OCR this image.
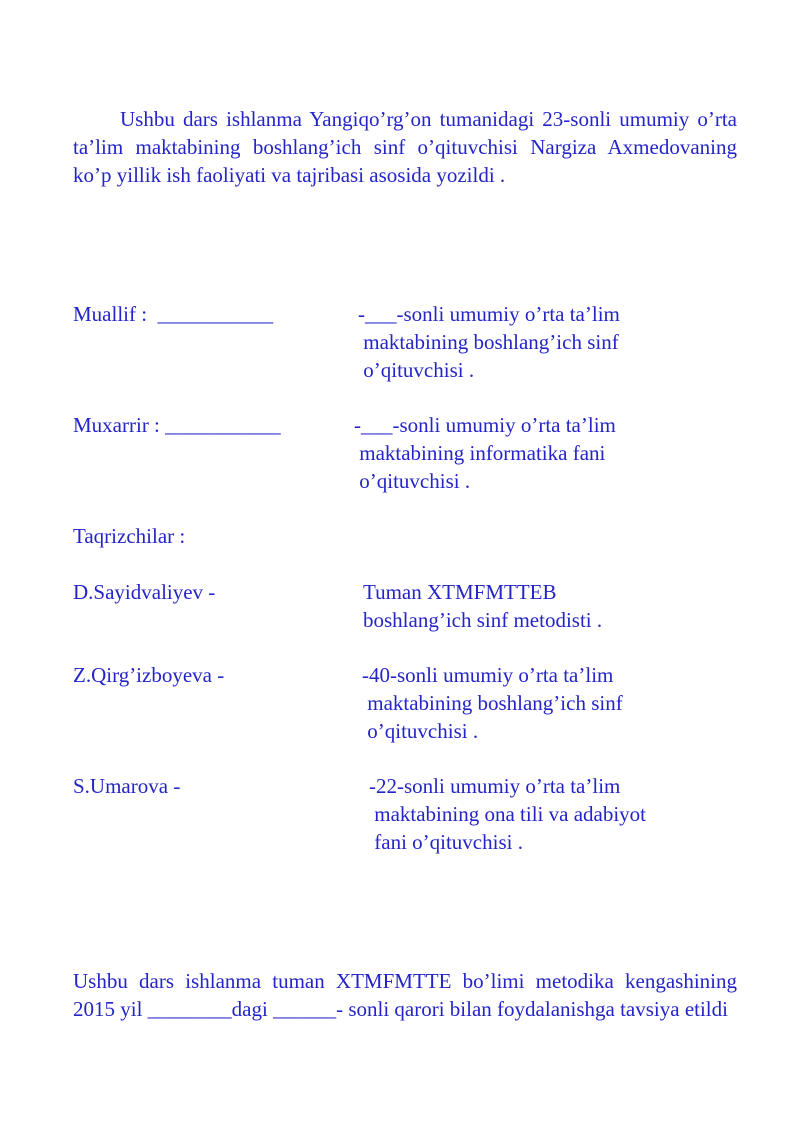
Ushbu dars ishlanma Yangiqo’rg’on tumanidagi 23-sonli umumiy o’rta ta’lim maktabining boshlang’ich sinf o’qituvchisi Nargiza Axmedovaning ko’p yillik ish faoliyati va tajribasi asosida yozildi .

Muallif :  ___________	-___-sonli umumiy o’rta ta’lim
maktabining boshlang’ich sinf
o’qituvchisi .
Muxarrir : ___________	-___-sonli umumiy o’rta ta’lim
maktabining informatika fani
o’qituvchisi .
Taqrizchilar :
D.Sayidvaliyev -	Tuman XTMFMTTEB
boshlang’ich sinf metodisti .
Z.Qirg’izboyeva -	-40-sonli umumiy o’rta ta’lim
maktabining boshlang’ich sinf
o’qituvchisi .
S.Umarova -	-22-sonli umumiy o’rta ta’lim
maktabining ona tili va adabiyot
fani o’qituvchisi .

Ushbu dars ishlanma tuman XTMFMTTE bo’limi metodika kengashining 2015 yil ________dagi ______- sonli qarori bilan foydalanishga tavsiya etildi
